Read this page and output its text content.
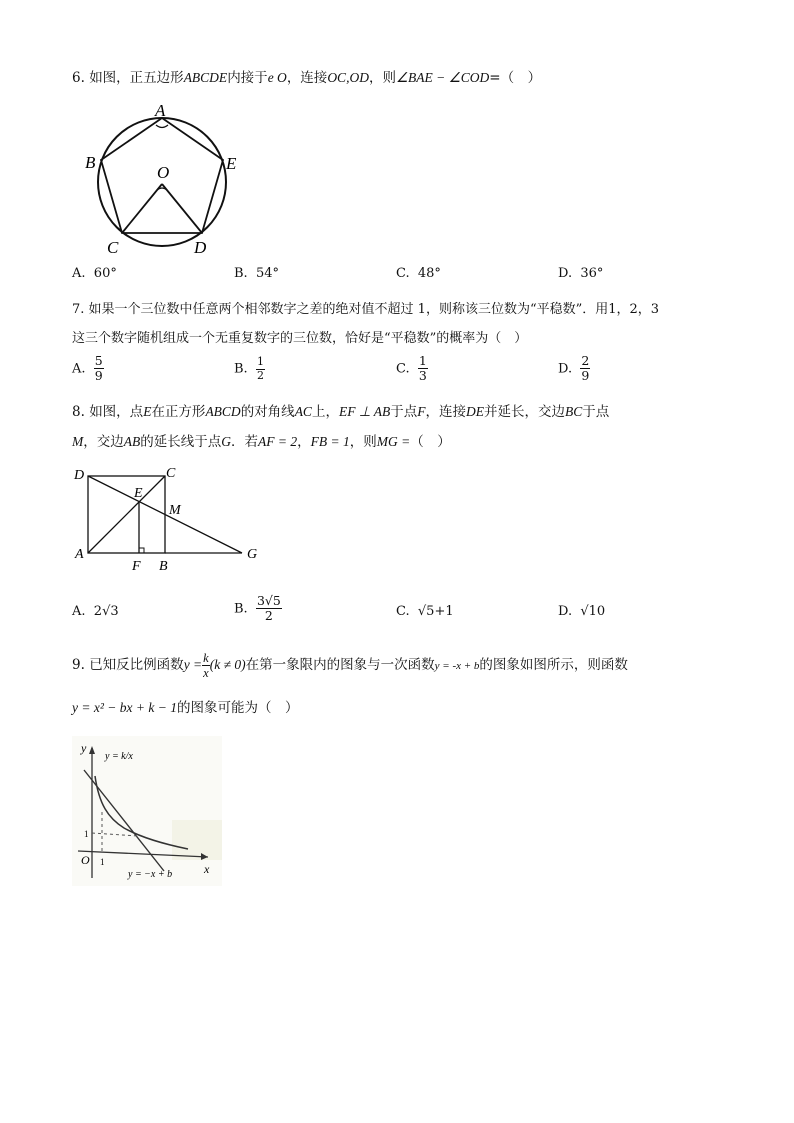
6. 如图，正五边形ABCDE内接于e O，连接OC,OD，则∠BAE − ∠COD=（　）
A
B	E
O
C	D
A. 60°	B. 54°	C. 48°	D. 36°
7. 如果一个三位数中任意两个相邻数字之差的绝对值不超过 1，则称该三位数为“平稳数”．用1，2，3
这三个数字随机组成一个无重复数字的三位数，恰好是“平稳数”的概率为（　）
A. $\frac{5}{9}$	B. $\frac{1}{2}$	C. $\frac{1}{3}$	D. $\frac{2}{9}$
8. 如图，点E在正方形ABCD的对角线AC上，EF ⊥ AB于点F，连接DE并延长，交边BC于点
M，交边AB的延长线于点G．若AF = 2，FB = 1，则MG =（　）
D	C
E
M
A
F B
G
A. 2√3	B. $\frac{3√5}{2}$	C. √5+1	D. √10
9. 已知反比例函数$y = \frac{k}{x} (k \ne 0)$在第一象限内的图象与一次函数y = -x + b的图象如图所示，则函数
y = x² − bx + k − 1的图象可能为（　）
y
x
O 1
1
y = k/x
y = −x + b
